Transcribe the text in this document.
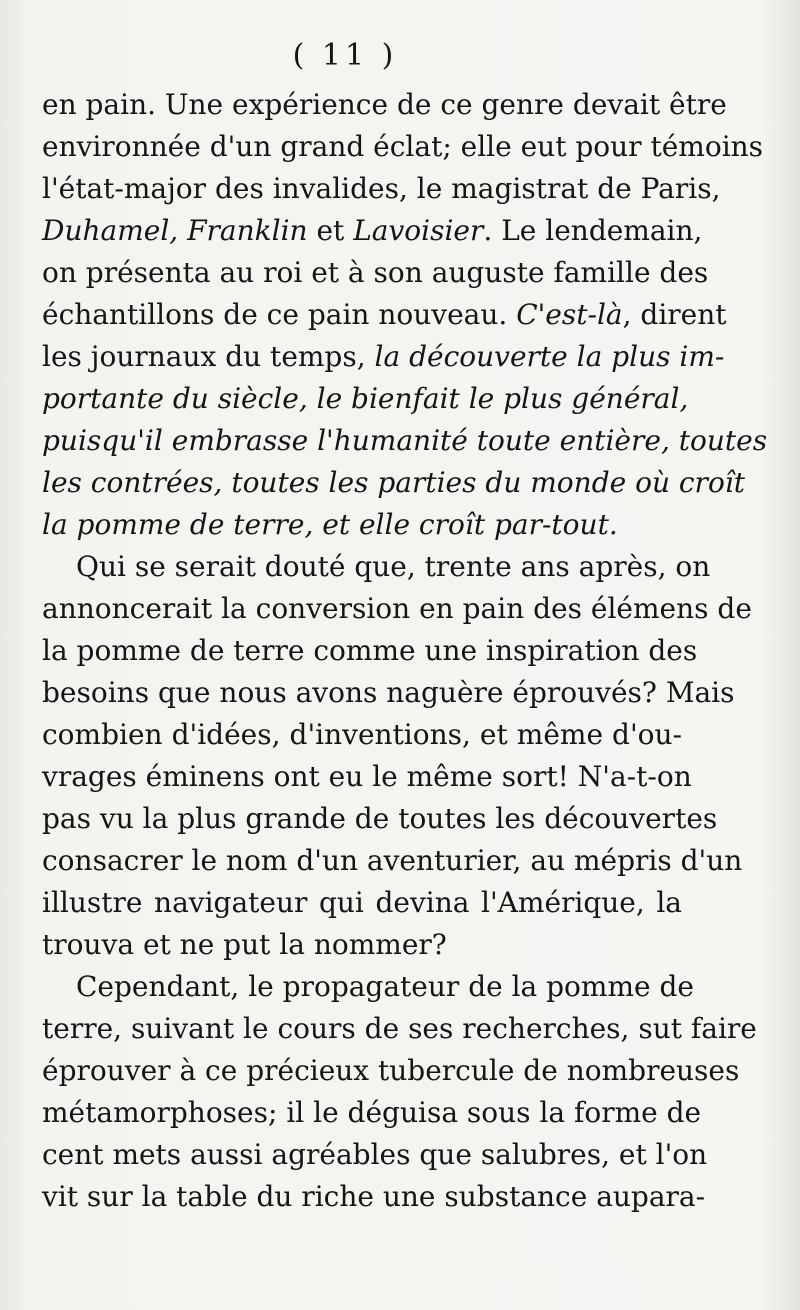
( 11 )
en pain. Une expérience de ce genre devait être
environnée d'un grand éclat; elle eut pour témoins
l'état-major des invalides, le magistrat de Paris,
Duhamel, Franklin et Lavoisier. Le lendemain,
on présenta au roi et à son auguste famille des
échantillons de ce pain nouveau. C'est-là, dirent
les journaux du temps, la découverte la plus im-
portante du siècle, le bienfait le plus général,
puisqu'il embrasse l'humanité toute entière, toutes
les contrées, toutes les parties du monde où croît
la pomme de terre, et elle croît par-tout.
Qui se serait douté que, trente ans après, on
annoncerait la conversion en pain des élémens de
la pomme de terre comme une inspiration des
besoins que nous avons naguère éprouvés? Mais
combien d'idées, d'inventions, et même d'ou-
vrages éminens ont eu le même sort! N'a-t-on
pas vu la plus grande de toutes les découvertes
consacrer le nom d'un aventurier, au mépris d'un
illustre navigateur qui devina l'Amérique, la
trouva et ne put la nommer?
Cependant, le propagateur de la pomme de
terre, suivant le cours de ses recherches, sut faire
éprouver à ce précieux tubercule de nombreuses
métamorphoses; il le déguisa sous la forme de
cent mets aussi agréables que salubres, et l'on
vit sur la table du riche une substance aupara-
